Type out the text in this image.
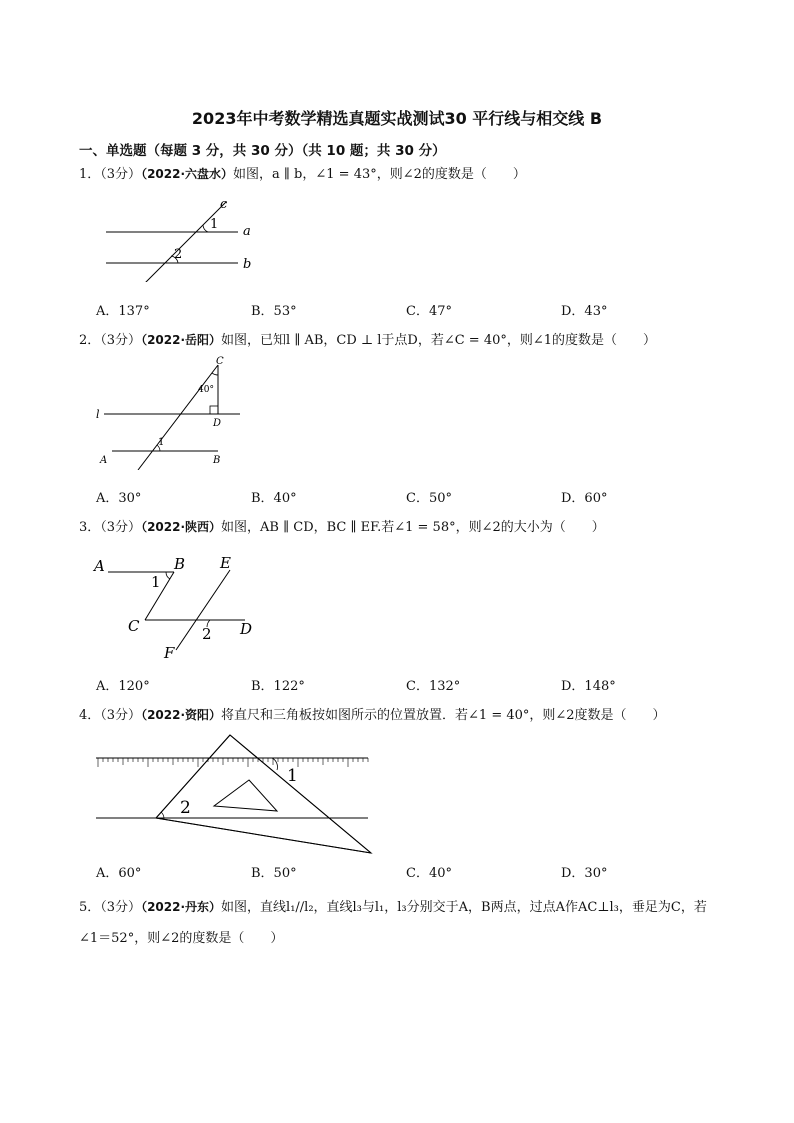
2023年中考数学精选真题实战测试30 平行线与相交线 B
一、单选题（每题 3 分，共 30 分）（共 10 题；共 30 分）
1．（3分）（2022·六盘水）如图，a ∥ b，∠1 = 43°，则∠2的度数是（　　）
c
1 a
2
b
A．137°	B．53°	C．47°	D．43°
2．（3分）（2022·岳阳）如图，已知l ∥ AB，CD ⊥ l于点D，若∠C = 40°，则∠1的度数是（　　）
C
40°
l
D
1
A	B
A．30°	B．40°	C．50°	D．60°
3．（3分）（2022·陕西）如图，AB ∥ CD，BC ∥ EF.若∠1 = 58°，则∠2的大小为（　　）
A	B E
1
C	2 D
F
A．120°	B．122°	C．132°	D．148°
4．（3分）（2022·资阳）将直尺和三角板按如图所示的位置放置．若∠1 = 40°，则∠2度数是（　　）
1
2
A．60°	B．50°	C．40°	D．30°
5．（3分）（2022·丹东）如图，直线l₁//l₂，直线l₃与l₁，l₃分别交于A，B两点，过点A作AC⊥l₃，垂足为C，若∠1＝52°，则∠2的度数是（　　）
